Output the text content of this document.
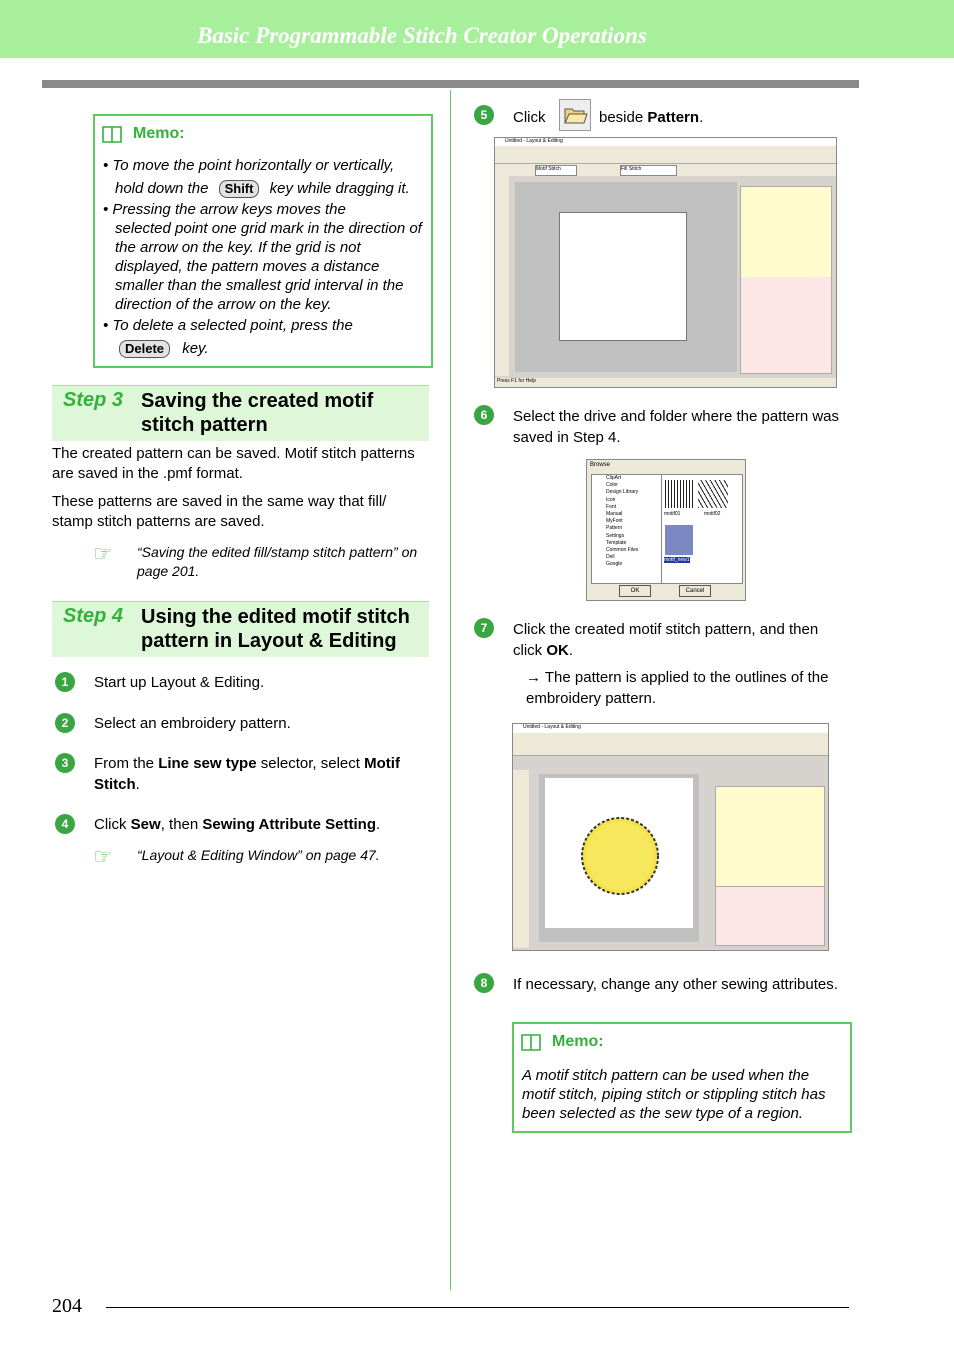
Basic Programmable Stitch Creator Operations
Memo:

• To move the point horizontally or vertically,

hold down the Shift key while dragging it.

• Pressing the arrow keys moves the

selected point one grid mark in the direction of the arrow on the key. If the grid is not displayed, the pattern moves a distance smaller than the smallest grid interval in the direction of the arrow on the key.

• To delete a selected point, press the

Delete key.

Step 3 Saving the created motif stitch pattern
The created pattern can be saved. Motif stitch patterns are saved in the .pmf format.
These patterns are saved in the same way that fill/ stamp stitch patterns are saved.
☞ “Saving the edited fill/stamp stitch pattern” on page 201.
Step 4 Using the edited motif stitch pattern in Layout & Editing
1	Start up Layout & Editing.
2	Select an embroidery pattern.
3	From the Line sew type selector, select Motif Stitch.
4	Click Sew, then Sewing Attribute Setting.
☞ “Layout & Editing Window” on page 47.
5	Click	beside Pattern.
Untitled - Layout & Editing
Motif Stitch	Fill Stitch
Press F1 for Help
6	Select the drive and folder where the pattern was saved in Step 4.
Browse
ClipArt
Color
Design Library
Icon
Font
Manual
MyFont
Pattern
Settings
Template
Common Files
Dell
Google
motif01	motif02
motif_new1
OK	Cancel
7	Click the created motif stitch pattern, and then click OK.
→ The pattern is applied to the outlines of the embroidery pattern.
Untitled - Layout & Editing
8	If necessary, change any other sewing attributes.
Memo:

A motif stitch pattern can be used when the motif stitch, piping stitch or stippling stitch has been selected as the sew type of a region.

204
